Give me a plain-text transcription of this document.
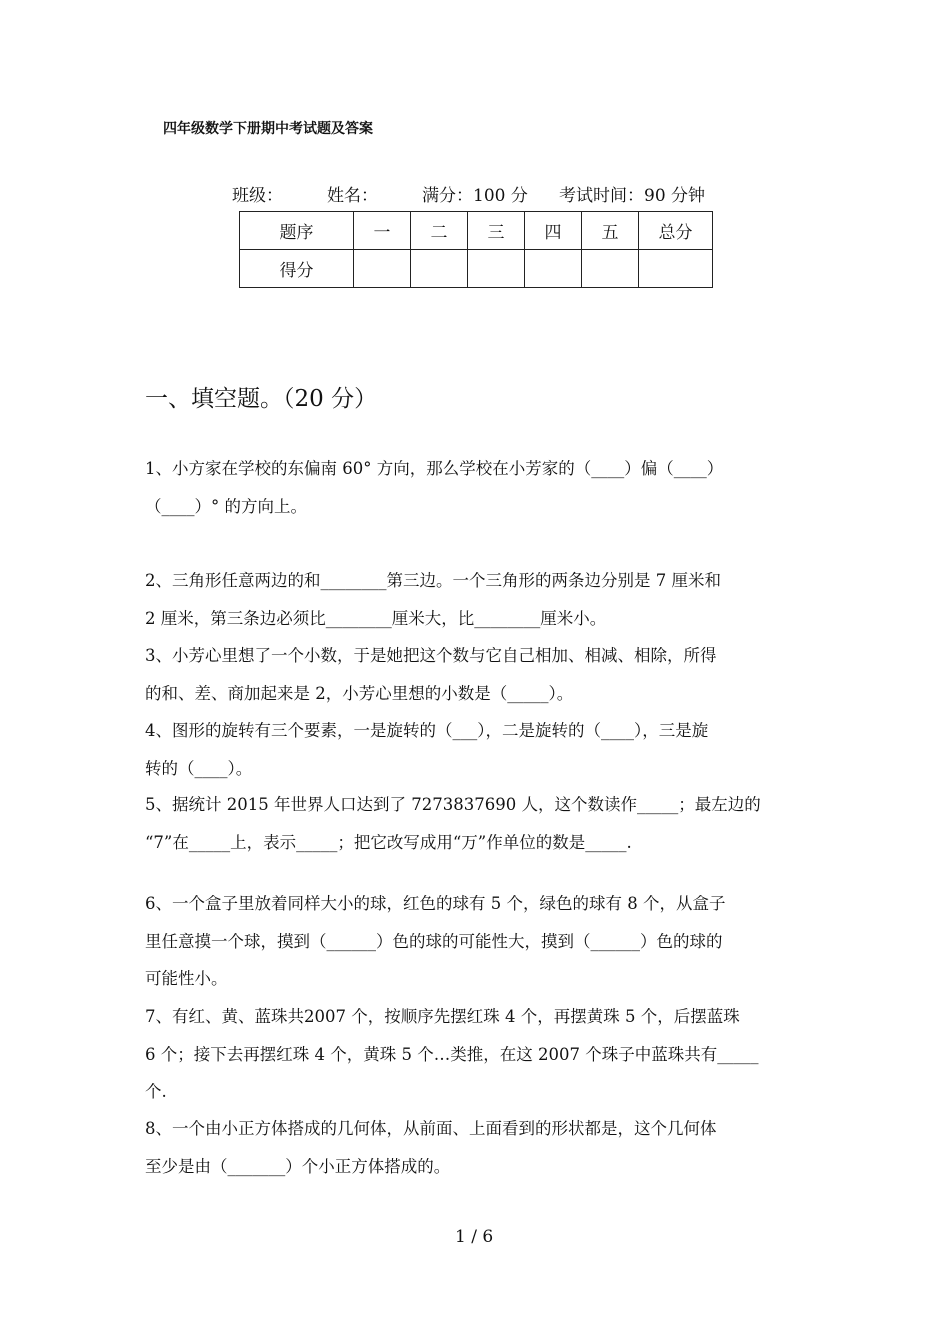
四年级数学下册期中考试题及答案
班级：	姓名：	满分：100 分	考试时间：90 分钟
题序	一	二	三	四	五	总分
得分						
一、填空题。（20 分）

1、小方家在学校的东偏南 60° 方向，那么学校在小芳家的（____）偏（____）

（____）° 的方向上。

2、三角形任意两边的和________第三边。一个三角形的两条边分别是 7 厘米和

2 厘米，第三条边必须比________厘米大，比________厘米小。

3、小芳心里想了一个小数，于是她把这个数与它自己相加、相减、相除，所得

的和、差、商加起来是 2，小芳心里想的小数是（_____）。

4、图形的旋转有三个要素，一是旋转的（___），二是旋转的（____），三是旋

转的（____）。

5、据统计 2015 年世界人口达到了 7273837690 人，这个数读作_____；最左边的

“7”在_____上，表示_____；把它改写成用“万”作单位的数是_____.

6、一个盒子里放着同样大小的球，红色的球有 5 个，绿色的球有 8 个，从盒子

里任意摸一个球，摸到（______）色的球的可能性大，摸到（______）色的球的

可能性小。

7、有红、黄、蓝珠共2007 个，按顺序先摆红珠 4 个，再摆黄珠 5 个，后摆蓝珠

6 个；接下去再摆红珠 4 个，黄珠 5 个…类推，在这 2007 个珠子中蓝珠共有_____

个.

8、一个由小正方体搭成的几何体，从前面、上面看到的形状都是，这个几何体

至少是由（_______）个小正方体搭成的。

1 / 6
